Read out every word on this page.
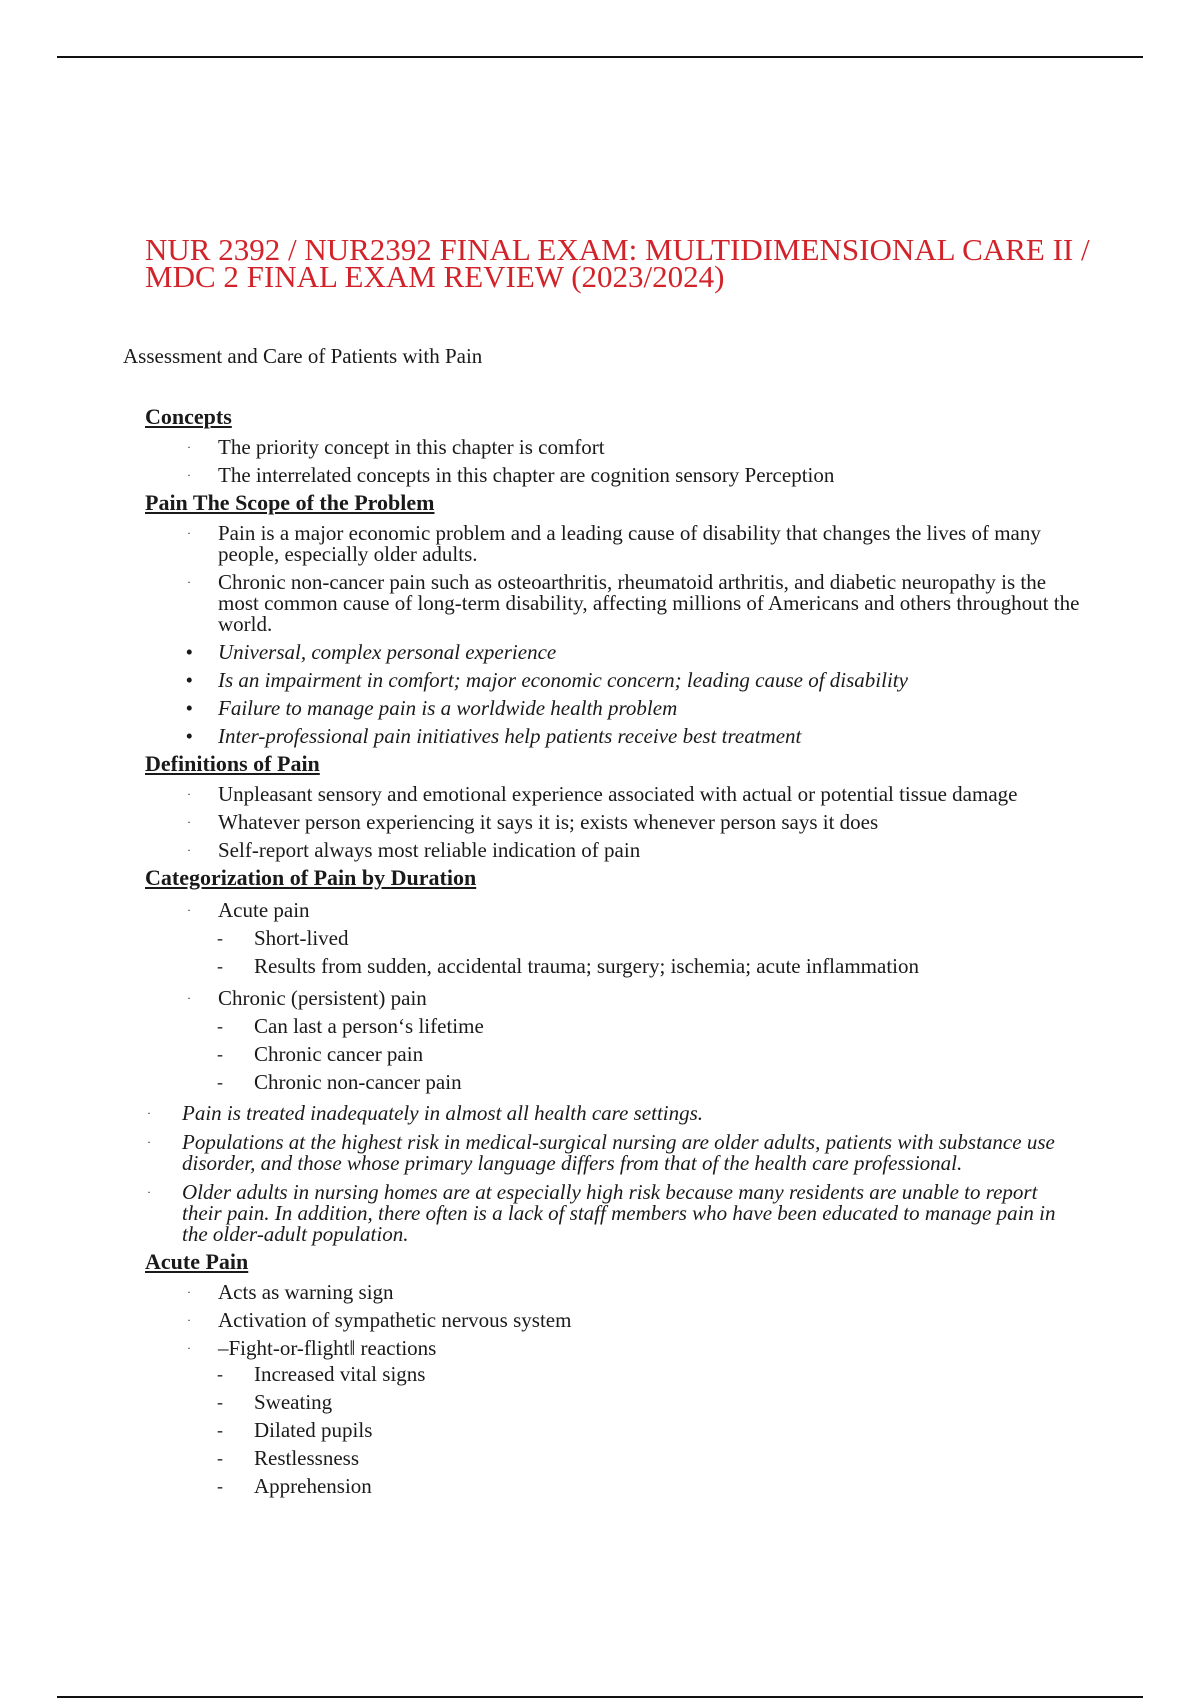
NUR 2392 / NUR2392 FINAL EXAM: MULTIDIMENSIONAL CARE II / MDC 2 FINAL EXAM REVIEW (2023/2024)

Assessment and Care of Patients with Pain

Concepts
· The priority concept in this chapter is comfort
· The interrelated concepts in this chapter are cognition sensory Perception
Pain The Scope of the Problem
· Pain is a major economic problem and a leading cause of disability that changes the lives of many people, especially older adults.
· Chronic non-cancer pain such as osteoarthritis, rheumatoid arthritis, and diabetic neuropathy is the most common cause of long-term disability, affecting millions of Americans and others throughout the world.
• Universal, complex personal experience
• Is an impairment in comfort; major economic concern; leading cause of disability
• Failure to manage pain is a worldwide health problem
• Inter-professional pain initiatives help patients receive best treatment
Definitions of Pain
· Unpleasant sensory and emotional experience associated with actual or potential tissue damage
· Whatever person experiencing it says it is; exists whenever person says it does
· Self-report always most reliable indication of pain
Categorization of Pain by Duration
· Acute pain
- Short-lived
- Results from sudden, accidental trauma; surgery; ischemia; acute inflammation
· Chronic (persistent) pain
- Can last a person‘s lifetime
- Chronic cancer pain
- Chronic non-cancer pain
· Pain is treated inadequately in almost all health care settings.
· Populations at the highest risk in medical-surgical nursing are older adults, patients with substance use disorder, and those whose primary language differs from that of the health care professional.
· Older adults in nursing homes are at especially high risk because many residents are unable to report their pain. In addition, there often is a lack of staff members who have been educated to manage pain in the older-adult population.
Acute Pain
· Acts as warning sign
· Activation of sympathetic nervous system
· –Fight-or-flight‖ reactions
- Increased vital signs
- Sweating
- Dilated pupils
- Restlessness
- Apprehension
